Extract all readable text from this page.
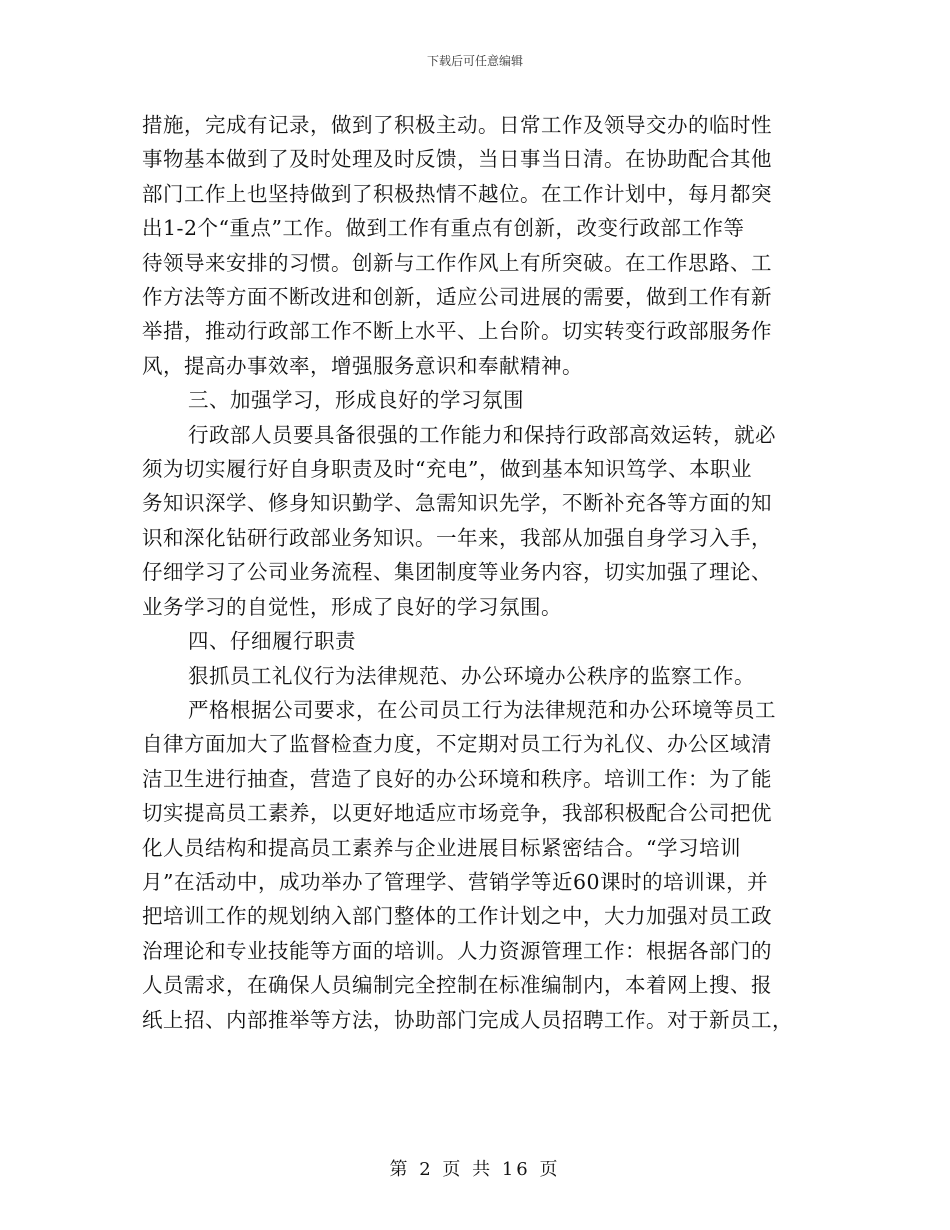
下载后可任意编辑
措施，完成有记录，做到了积极主动。日常工作及领导交办的临时性
事物基本做到了及时处理及时反馈，当日事当日清。在协助配合其他
部门工作上也坚持做到了积极热情不越位。在工作计划中，每月都突
出1-2个“重点”工作。做到工作有重点有创新，改变行政部工作等
待领导来安排的习惯。创新与工作作风上有所突破。在工作思路、工
作方法等方面不断改进和创新，适应公司进展的需要，做到工作有新
举措，推动行政部工作不断上水平、上台阶。切实转变行政部服务作
风，提高办事效率，增强服务意识和奉献精神。
三、加强学习，形成良好的学习氛围
行政部人员要具备很强的工作能力和保持行政部高效运转，就必
须为切实履行好自身职责及时“充电”，做到基本知识笃学、本职业
务知识深学、修身知识勤学、急需知识先学，不断补充各等方面的知
识和深化钻研行政部业务知识。一年来，我部从加强自身学习入手，
仔细学习了公司业务流程、集团制度等业务内容，切实加强了理论、
业务学习的自觉性，形成了良好的学习氛围。
四、仔细履行职责
狠抓员工礼仪行为法律规范、办公环境办公秩序的监察工作。
严格根据公司要求，在公司员工行为法律规范和办公环境等员工
自律方面加大了监督检查力度，不定期对员工行为礼仪、办公区域清
洁卫生进行抽查，营造了良好的办公环境和秩序。培训工作：为了能
切实提高员工素养，以更好地适应市场竞争，我部积极配合公司把优
化人员结构和提高员工素养与企业进展目标紧密结合。“学习培训
月”在活动中，成功举办了管理学、营销学等近60课时的培训课，并
把培训工作的规划纳入部门整体的工作计划之中，大力加强对员工政
治理论和专业技能等方面的培训。人力资源管理工作：根据各部门的
人员需求，在确保人员编制完全控制在标准编制内，本着网上搜、报
纸上招、内部推举等方法，协助部门完成人员招聘工作。对于新员工，
第 2 页 共 16 页
